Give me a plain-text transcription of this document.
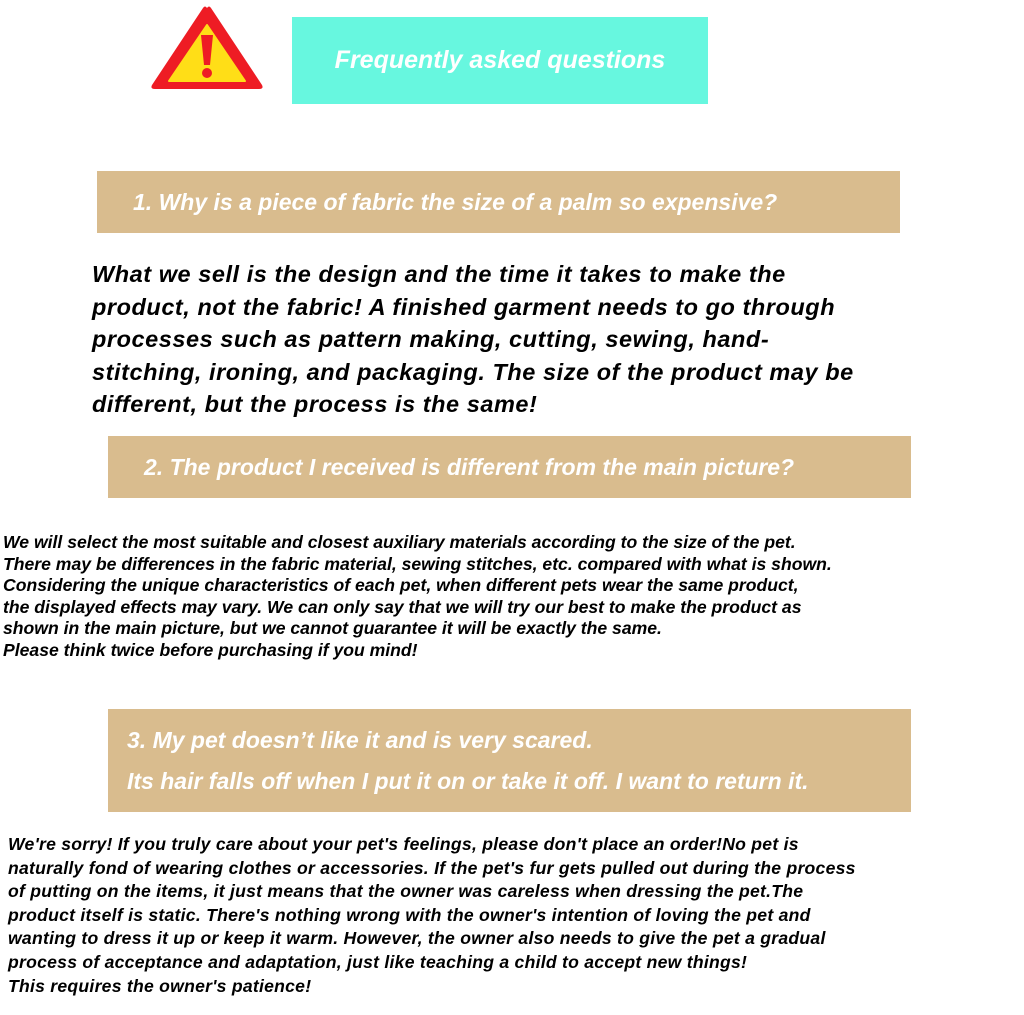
Frequently asked questions
1. Why is a piece of fabric the size of a palm so expensive?
What we sell is the design and the time it takes to make the
product, not the fabric! A finished garment needs to go through
processes such as pattern making, cutting, sewing, hand-
stitching, ironing, and packaging. The size of the product may be
different, but the process is the same!
2. The product I received is different from the main picture?
We will select the most suitable and closest auxiliary materials according to the size of the pet.
There may be differences in the fabric material, sewing stitches, etc. compared with what is shown.
Considering the unique characteristics of each pet, when different pets wear the same product,
the displayed effects may vary. We can only say that we will try our best to make the product as
shown in the main picture, but we cannot guarantee it will be exactly the same.
Please think twice before purchasing if you mind!
3. My pet doesn’t like it and is very scared.
Its hair falls off when I put it on or take it off. I want to return it.
We're sorry! If you truly care about your pet's feelings, please don't place an order!No pet is
naturally fond of wearing clothes or accessories. If the pet's fur gets pulled out during the process
of putting on the items, it just means that the owner was careless when dressing the pet.The
product itself is static. There's nothing wrong with the owner's intention of loving the pet and
wanting to dress it up or keep it warm. However, the owner also needs to give the pet a gradual
process of acceptance and adaptation, just like teaching a child to accept new things!
This requires the owner's patience!
